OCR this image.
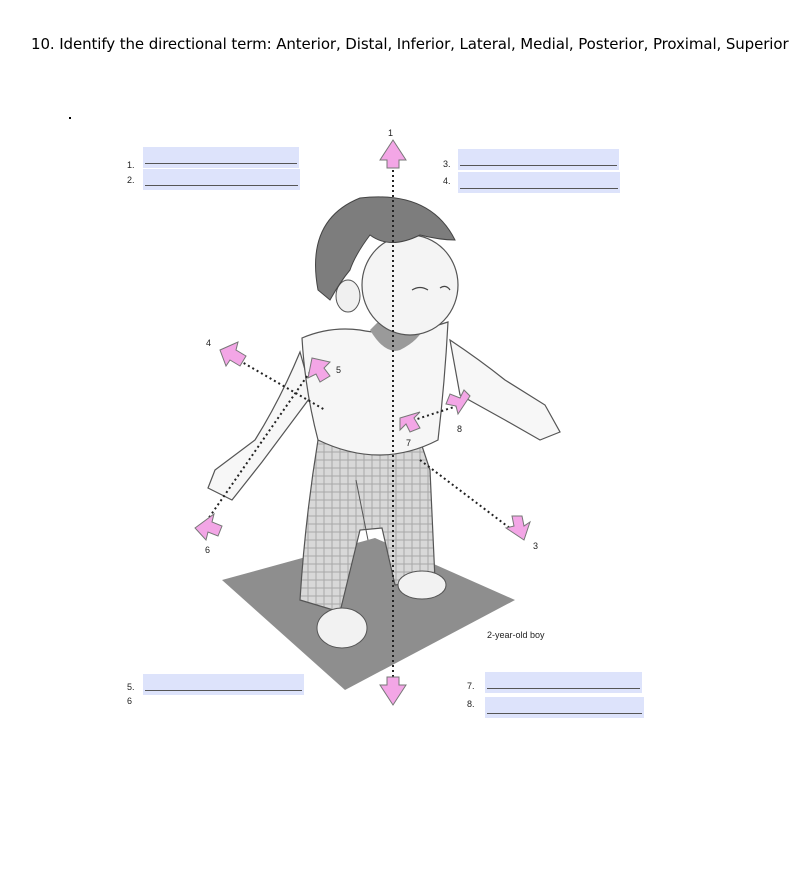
10. Identify the directional term: Anterior, Distal, Inferior, Lateral, Medial, Posterior, Proximal, Superior
1
3
4
5
6
7
8
2-year-old boy
1.
2.
3.
4.
5.
6
7.
8.
